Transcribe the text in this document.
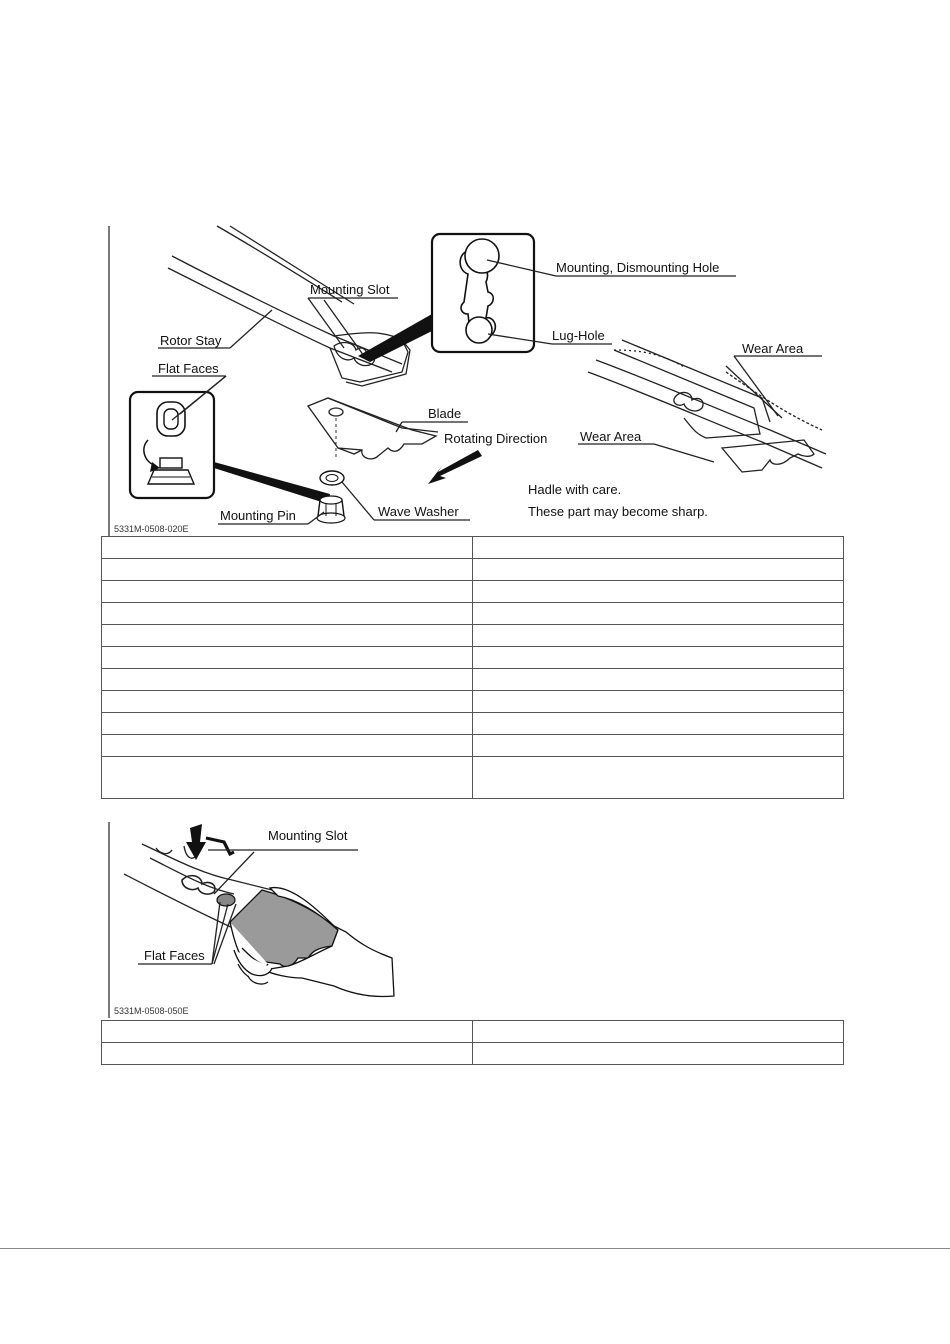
Mounting, Dismounting Hole
Mounting Slot
Lug-Hole
Rotor Stay
Wear Area
Flat Faces
Blade
Rotating Direction	Wear Area
Hadle with care.
These part may become sharp.
Wave Washer
Mounting Pin
5331M-0508-020E

Mounting Slot
Flat Faces
5331M-0508-050E
